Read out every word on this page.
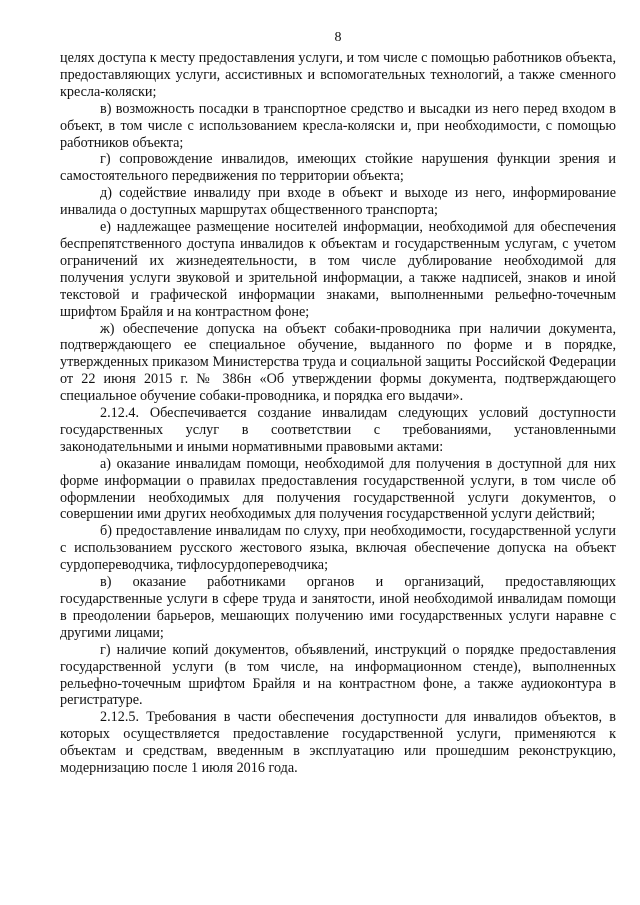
8

целях доступа к месту предоставления услуги, и том числе с помощью работников объекта, предоставляющих услуги, ассистивных и вспомогательных технологий, а также сменного кресла-коляски;

в) возможность посадки в транспортное средство и высадки из него перед входом в объект, в том числе с использованием кресла-коляски и, при необходимости, с помощью работников объекта;

г) сопровождение инвалидов, имеющих стойкие нарушения функции зрения и самостоятельного передвижения по территории объекта;

д) содействие инвалиду при входе в объект и выходе из него, информирование инвалида о доступных маршрутах общественного транспорта;

е) надлежащее размещение носителей информации, необходимой для обеспечения беспрепятственного доступа инвалидов к объектам и государственным услугам, с учетом ограничений их жизнедеятельности, в том числе дублирование необходимой для получения услуги звуковой и зрительной информации, а также надписей, знаков и иной текстовой и графической информации знаками, выполненными рельефно-точечным шрифтом Брайля и на контрастном фоне;

ж) обеспечение допуска на объект собаки-проводника при наличии документа, подтверждающего ее специальное обучение, выданного по форме и в порядке, утвержденных приказом Министерства труда и социальной защиты Российской Федерации от 22 июня 2015 г. № 386н «Об утверждении формы документа, подтверждающего специальное обучение собаки-проводника, и порядка его выдачи».

2.12.4. Обеспечивается создание инвалидам следующих условий доступности государственных услуг в соответствии с требованиями, установленными законодательными и иными нормативными правовыми актами:

а) оказание инвалидам помощи, необходимой для получения в доступной для них форме информации о правилах предоставления государственной услуги, в том числе об оформлении необходимых для получения государственной услуги документов, о совершении ими других необходимых для получения государственной услуги действий;

б) предоставление инвалидам по слуху, при необходимости, государственной услуги с использованием русского жестового языка, включая обеспечение допуска на объект сурдопереводчика, тифлосурдопереводчика;

в) оказание работниками органов и организаций, предоставляющих государственные услуги в сфере труда и занятости, иной необходимой инвалидам помощи в преодолении барьеров, мешающих получению ими государственных услуги наравне с другими лицами;

г) наличие копий документов, объявлений, инструкций о порядке предоставления государственной услуги (в том числе, на информационном стенде), выполненных рельефно-точечным шрифтом Брайля и на контрастном фоне, а также аудиоконтура в регистратуре.

2.12.5. Требования в части обеспечения доступности для инвалидов объектов, в которых осуществляется предоставление государственной услуги, применяются к объектам и средствам, введенным в эксплуатацию или прошедшим реконструкцию, модернизацию после 1 июля 2016 года.
